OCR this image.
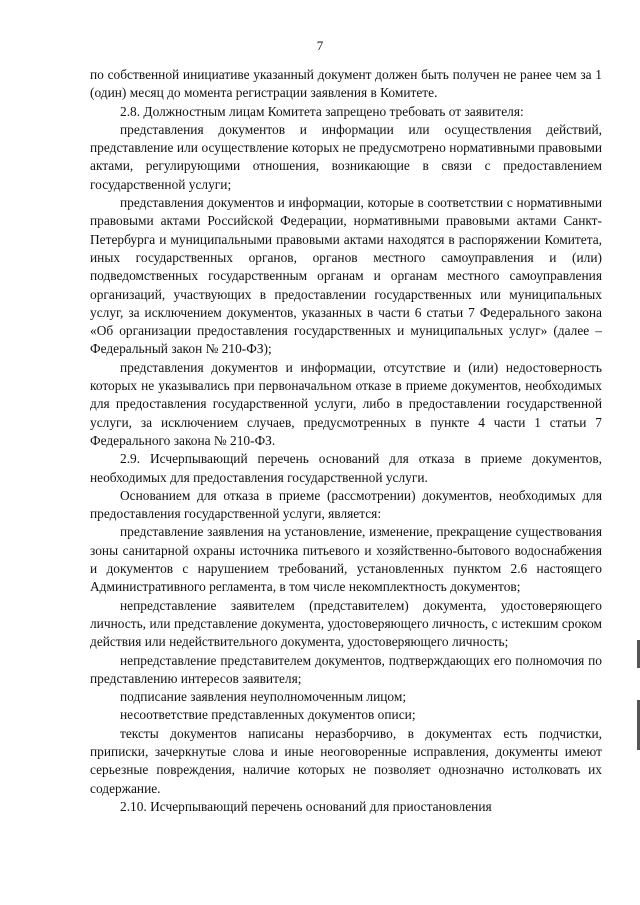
7

по собственной инициативе указанный документ должен быть получен не ранее чем за 1 (один) месяц до момента регистрации заявления в Комитете.

2.8. Должностным лицам Комитета запрещено требовать от заявителя:

представления документов и информации или осуществления действий, представление или осуществление которых не предусмотрено нормативными правовыми актами, регулирующими отношения, возникающие в связи с предоставлением государственной услуги;

представления документов и информации, которые в соответствии с нормативными правовыми актами Российской Федерации, нормативными правовыми актами Санкт-Петербурга и муниципальными правовыми актами находятся в распоряжении Комитета, иных государственных органов, органов местного самоуправления и (или) подведомственных государственным органам и органам местного самоуправления организаций, участвующих в предоставлении государственных или муниципальных услуг, за исключением документов, указанных в части 6 статьи 7 Федерального закона «Об организации предоставления государственных и муниципальных услуг» (далее – Федеральный закон № 210-ФЗ);

представления документов и информации, отсутствие и (или) недостоверность которых не указывались при первоначальном отказе в приеме документов, необходимых для предоставления государственной услуги, либо в предоставлении государственной услуги, за исключением случаев, предусмотренных в пункте 4 части 1 статьи 7 Федерального закона № 210-ФЗ.

2.9. Исчерпывающий перечень оснований для отказа в приеме документов, необходимых для предоставления государственной услуги.

Основанием для отказа в приеме (рассмотрении) документов, необходимых для предоставления государственной услуги, является:

представление заявления на установление, изменение, прекращение существования зоны санитарной охраны источника питьевого и хозяйственно-бытового водоснабжения и документов с нарушением требований, установленных пунктом 2.6 настоящего Административного регламента, в том числе некомплектность документов;

непредставление заявителем (представителем) документа, удостоверяющего личность, или представление документа, удостоверяющего личность, с истекшим сроком действия или недействительного документа, удостоверяющего личность;

непредставление представителем документов, подтверждающих его полномочия по представлению интересов заявителя;

подписание заявления неуполномоченным лицом;

несоответствие представленных документов описи;

тексты документов написаны неразборчиво, в документах есть подчистки, приписки, зачеркнутые слова и иные неоговоренные исправления, документы имеют серьезные повреждения, наличие которых не позволяет однозначно истолковать их содержание.

2.10. Исчерпывающий перечень оснований для приостановления
